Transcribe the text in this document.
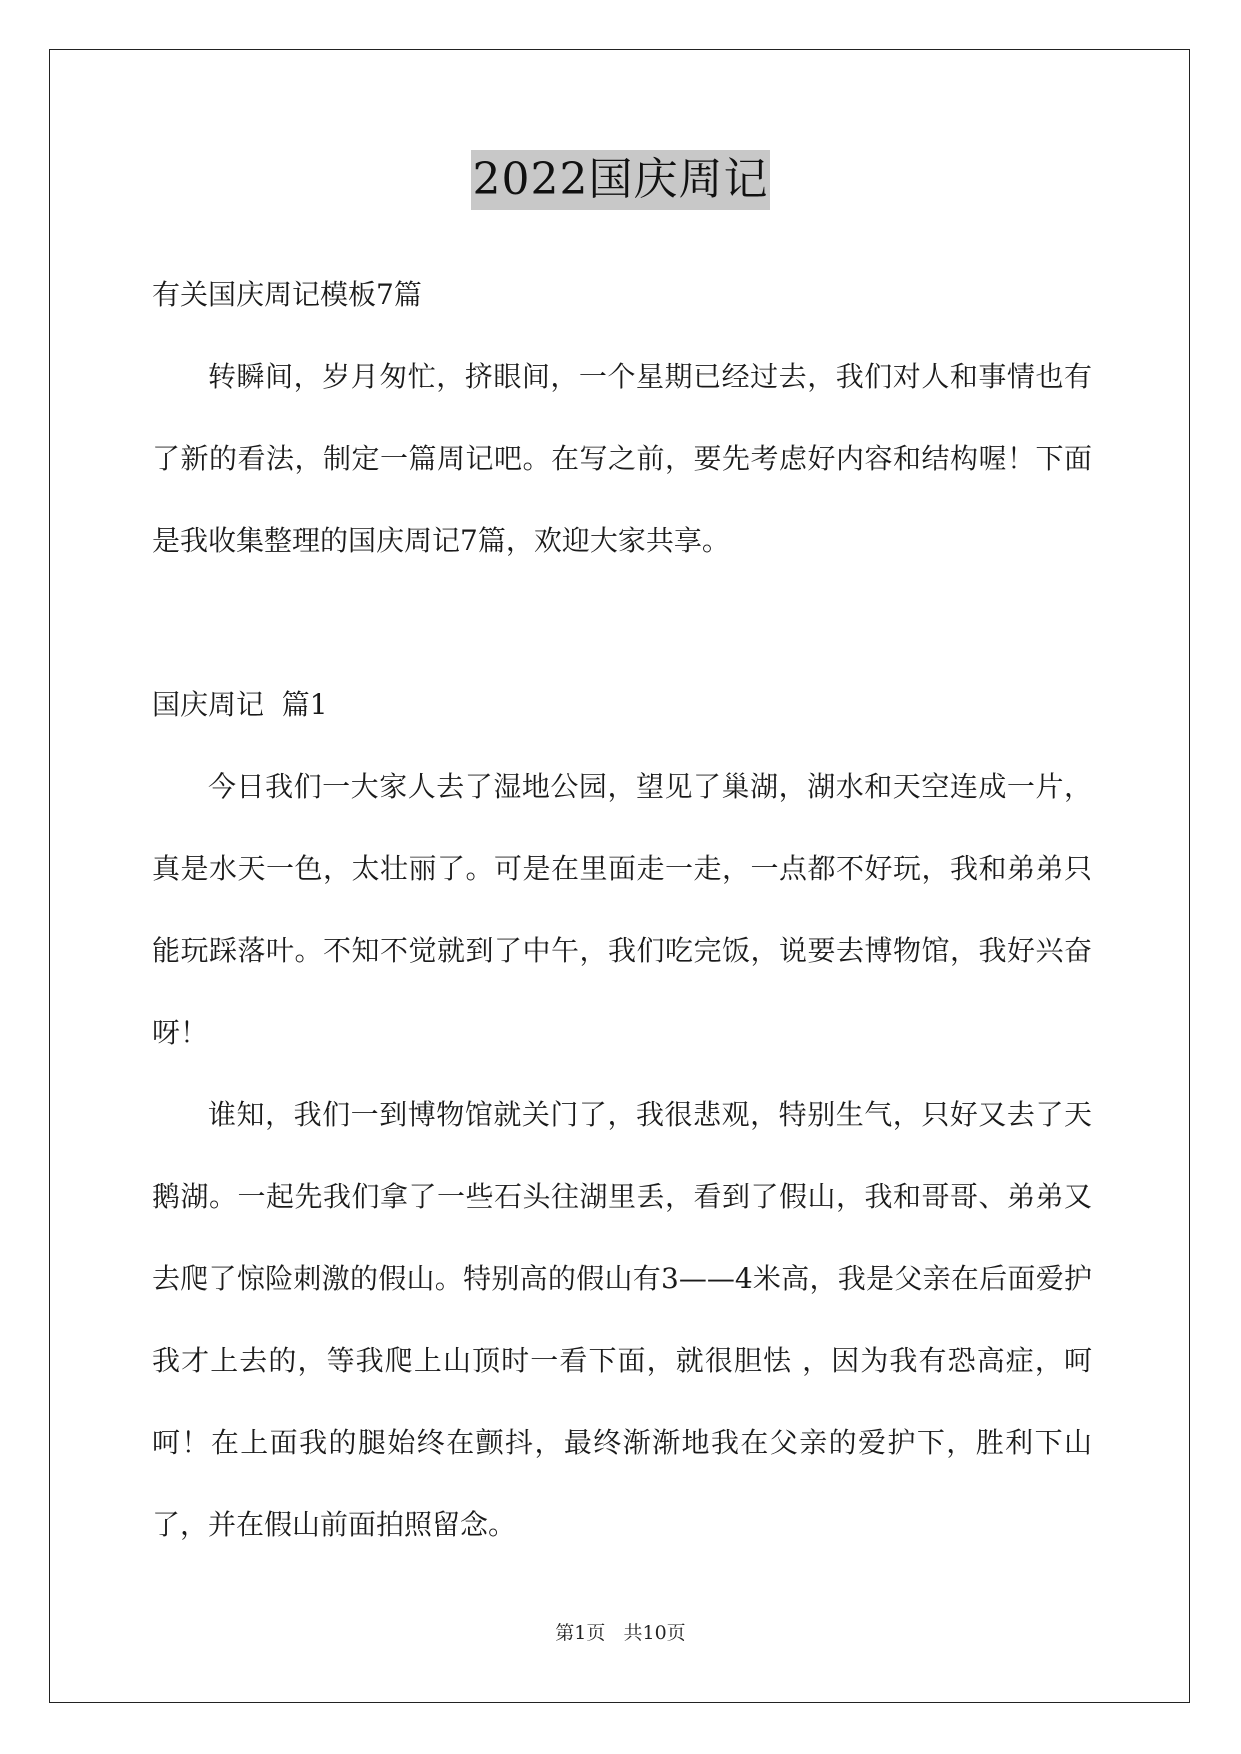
2022国庆周记

有关国庆周记模板7篇

转瞬间，岁月匆忙，挤眼间，一个星期已经过去，我们对人和事情也有了新的看法，制定一篇周记吧。在写之前，要先考虑好内容和结构喔！下面是我收集整理的国庆周记7篇，欢迎大家共享。

国庆周记  篇1

今日我们一大家人去了湿地公园，望见了巢湖，湖水和天空连成一片，真是水天一色，太壮丽了。可是在里面走一走，一点都不好玩，我和弟弟只能玩踩落叶。不知不觉就到了中午，我们吃完饭，说要去博物馆，我好兴奋呀！

谁知，我们一到博物馆就关门了，我很悲观，特别生气，只好又去了天鹅湖。一起先我们拿了一些石头往湖里丢，看到了假山，我和哥哥、弟弟又去爬了惊险刺激的假山。特别高的假山有3——4米高，我是父亲在后面爱护我才上去的，等我爬上山顶时一看下面，就很胆怯 ，因为我有恐高症，呵呵！在上面我的腿始终在颤抖，最终渐渐地我在父亲的爱护下，胜利下山了，并在假山前面拍照留念。

第1页   共10页
